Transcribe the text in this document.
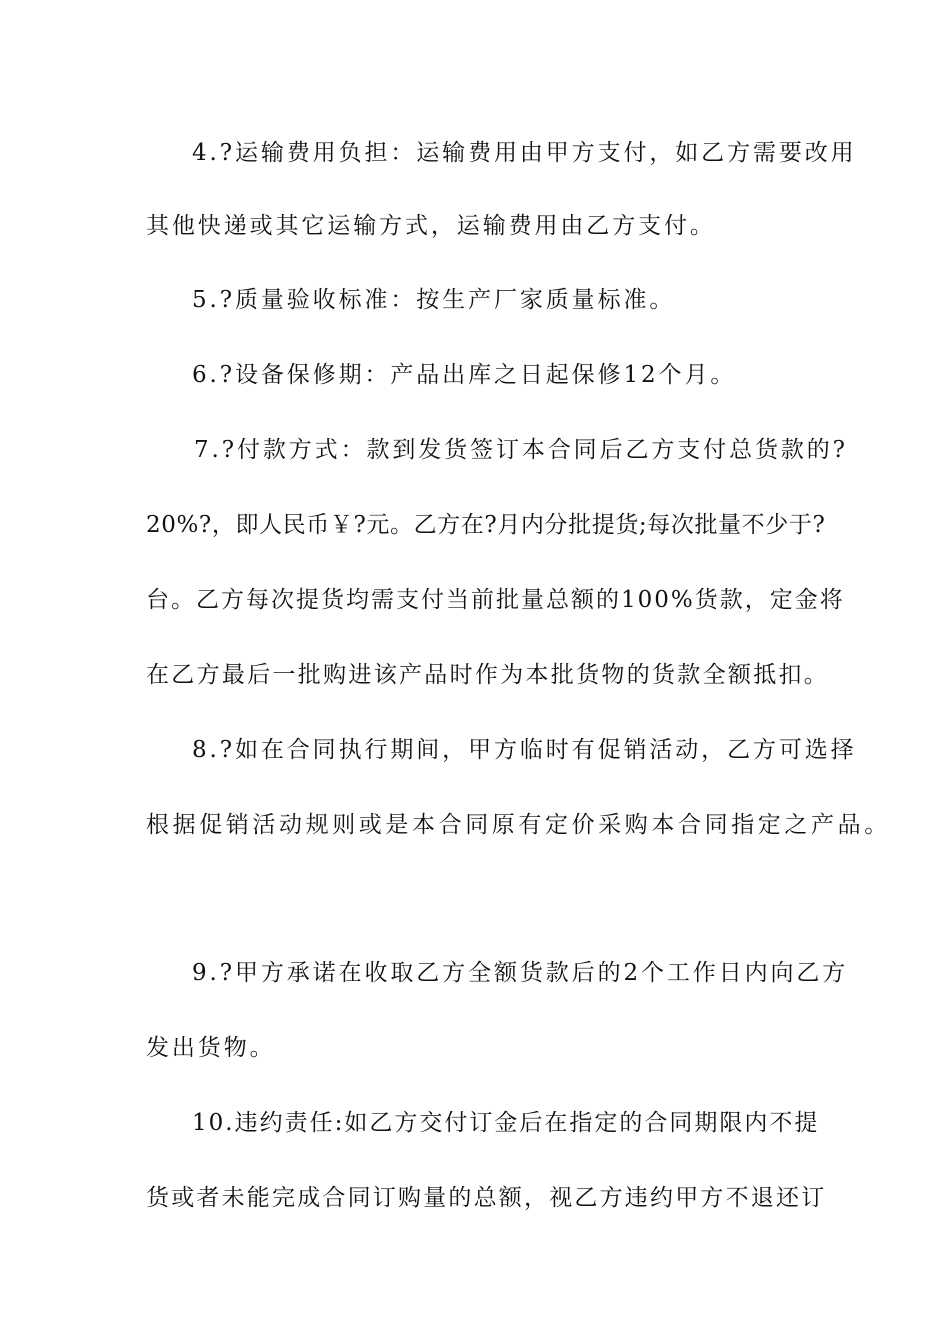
4.?运输费用负担：运输费用由甲方支付，如乙方需要改用
其他快递或其它运输方式，运输费用由乙方支付。
5.?质量验收标准：按生产厂家质量标准。
6.?设备保修期：产品出库之日起保修12个月。
7.?付款方式：款到发货签订本合同后乙方支付总货款的?
20%?，即人民币￥?元。乙方在?月内分批提货;每次批量不少于?
台。乙方每次提货均需支付当前批量总额的100%货款，定金将
在乙方最后一批购进该产品时作为本批货物的货款全额抵扣。
8.?如在合同执行期间，甲方临时有促销活动，乙方可选择
根据促销活动规则或是本合同原有定价采购本合同指定之产品。
9.?甲方承诺在收取乙方全额货款后的2个工作日内向乙方
发出货物。
10.违约责任:如乙方交付订金后在指定的合同期限内不提
货或者未能完成合同订购量的总额，视乙方违约甲方不退还订
